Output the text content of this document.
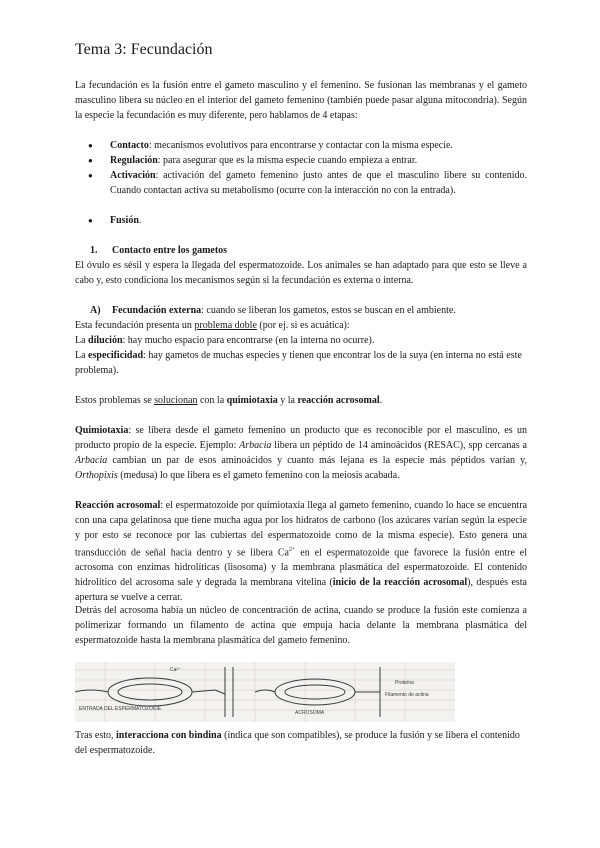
Tema 3: Fecundación

La fecundación es la fusión entre el gameto masculino y el femenino. Se fusionan las membranas y el gameto masculino libera su núcleo en el interior del gameto femenino (también puede pasar alguna mitocondria). Según la especie la fecundación es muy diferente, pero hablamos de 4 etapas:

● Contacto: mecanismos evolutivos para encontrarse y contactar con la misma especie.

● Regulación: para asegurar que es la misma especie cuando empieza a entrar.

● Activación: activación del gameto femenino justo antes de que el masculino libere su contenido. Cuando contactan activa su metabolismo (ocurre con la interacción no con la entrada).

● Fusión.

1. Contacto entre los gametos

El óvulo es sésil y espera la llegada del espermatozoide. Los animales se han adaptado para que esto se lleve a cabo y, esto condiciona los mecanismos según si la fecundación es externa o interna.

A) Fecundación externa: cuando se liberan los gametos, estos se buscan en el ambiente.

Esta fecundación presenta un problema doble (por ej. si es acuática):

La dilución: hay mucho espacio para encontrarse (en la interna no ocurre).

La especificidad: hay gametos de muchas especies y tienen que encontrar los de la suya (en interna no está este problema).

Estos problemas se solucionan con la quimiotaxia y la reacción acrosomal.

Quimiotaxia: se libera desde el gameto femenino un producto que es reconocible por el masculino, es un producto propio de la especie. Ejemplo: Arbacia libera un péptido de 14 aminoácidos (RESAC), spp cercanas a Arbacia cambian un par de esos aminoácidos y cuanto más lejana es la especie más péptidos varían y, Orthopixis (medusa) lo que libera es el gameto femenino con la meiosis acabada.

Reacción acrosomal: el espermatozoide por quimiotaxia llega al gameto femenino, cuando lo hace se encuentra con una capa gelatinosa que tiene mucha agua por los hidratos de carbono (los azúcares varían según la especie y por esto se reconoce por las cubiertas del espermatozoide como de la misma especie). Esto genera una transducción de señal hacia dentro y se libera $Ca^{2+}$ en el espermatozoide que favorece la fusión entre el acrosoma con enzimas hidrolíticas (lisosoma) y la membrana plasmática del espermatozoide. El contenido hidrolítico del acrosoma sale y degrada la membrana vitelina (inicio de la reacción acrosomal), después esta apertura se vuelve a cerrar.

Detrás del acrosoma había un núcleo de concentración de actina, cuando se produce la fusión este comienza a polimerizar formando un filamento de actina que empuja hacia delante la membrana plasmática del espermatozoide hasta la membrana plasmática del gameto femenino.

Ca²⁺
Proteína
ENTRADA DEL ESPERMATOZOIDE
ACROSOMA
Filamento de actina

Tras esto, interacciona con bindina (indica que son compatibles), se produce la fusión y se libera el contenido del espermatozoide.
